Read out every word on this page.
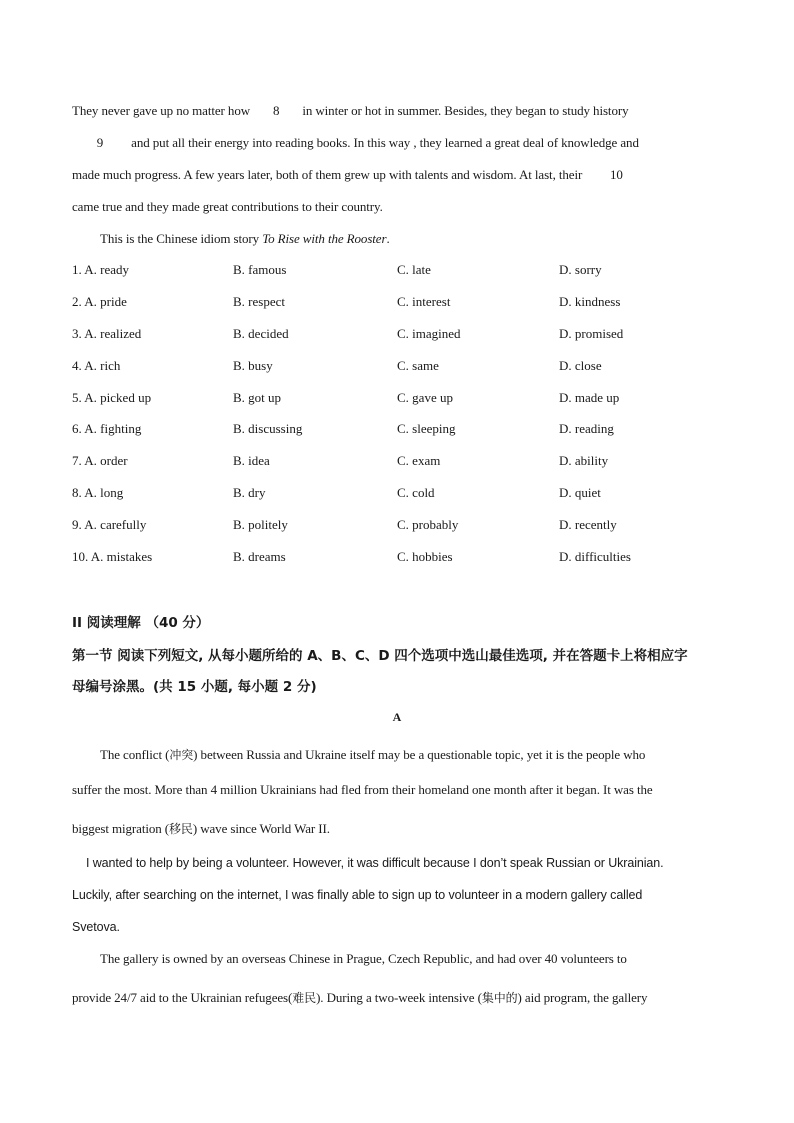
They never gave up no matter how 8 in winter or hot in summer. Besides, they began to study history
9 and put all their energy into reading books. In this way , they learned a great deal of knowledge and
made much progress. A few years later, both of them grew up with talents and wisdom. At last, their 10
came true and they made great contributions to their country.
This is the Chinese idiom story To Rise with the Rooster.
1. A. ready	B. famous	C. late	D. sorry
2. A. pride	B. respect	C. interest	D. kindness
3. A. realized	B. decided	C. imagined	D. promised
4. A. rich	B. busy	C. same	D. close
5. A. picked up	B. got up	C. gave up	D. made up
6. A. fighting	B. discussing	C. sleeping	D. reading
7. A. order	B. idea	C. exam	D. ability
8. A. long	B. dry	C. cold	D. quiet
9. A. carefully	B. politely	C. probably	D. recently
10. A. mistakes	B. dreams	C. hobbies	D. difficulties
II 阅读理解 （40 分）
第一节 阅读下列短文, 从每小题所给的 A、B、C、D 四个选项中选山最佳选项, 并在答题卡上将相应字
母编号涂黑。(共 15 小题, 每小题 2 分)
A
The conflict (冲突) between Russia and Ukraine itself may be a questionable topic, yet it is the people who
suffer the most. More than 4 million Ukrainians had fled from their homeland one month after it began. It was the
biggest migration (移民) wave since World War II.
I wanted to help by being a volunteer. However, it was difficult because I don’t speak Russian or Ukrainian.
Luckily, after searching on the internet, I was finally able to sign up to volunteer in a modern gallery called
Svetova.
The gallery is owned by an overseas Chinese in Prague, Czech Republic, and had over 40 volunteers to
provide 24/7 aid to the Ukrainian refugees(难民). During a two-week intensive (集中的) aid program, the gallery
